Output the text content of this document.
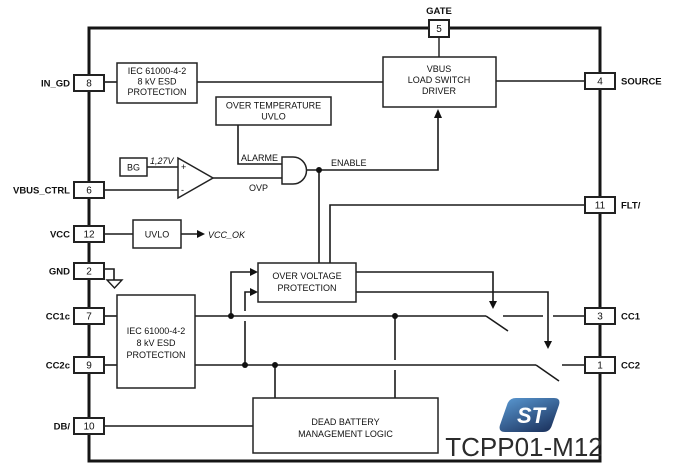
IEC 61000-4-2
8 kV ESD
PROTECTION
VBUS
LOAD SWITCH
DRIVER
OVER TEMPERATURE
UVLO
BG
UVLO
OVER VOLTAGE
PROTECTION
IEC 61000-4-2
8 kV ESD
PROTECTION
DEAD BATTERY
MANAGEMENT LOGIC
+
-
ALARME
OVP
ENABLE
1,27V
VCC_OK
8
IN_GD
6
VBUS_CTRL
12
VCC
2
GND
7
CC1c
9
CC2c
10
DB/
5
GATE
4 SOURCE
11 FLT/
3 CC1
1 CC2
ST
TCPP01-M12
